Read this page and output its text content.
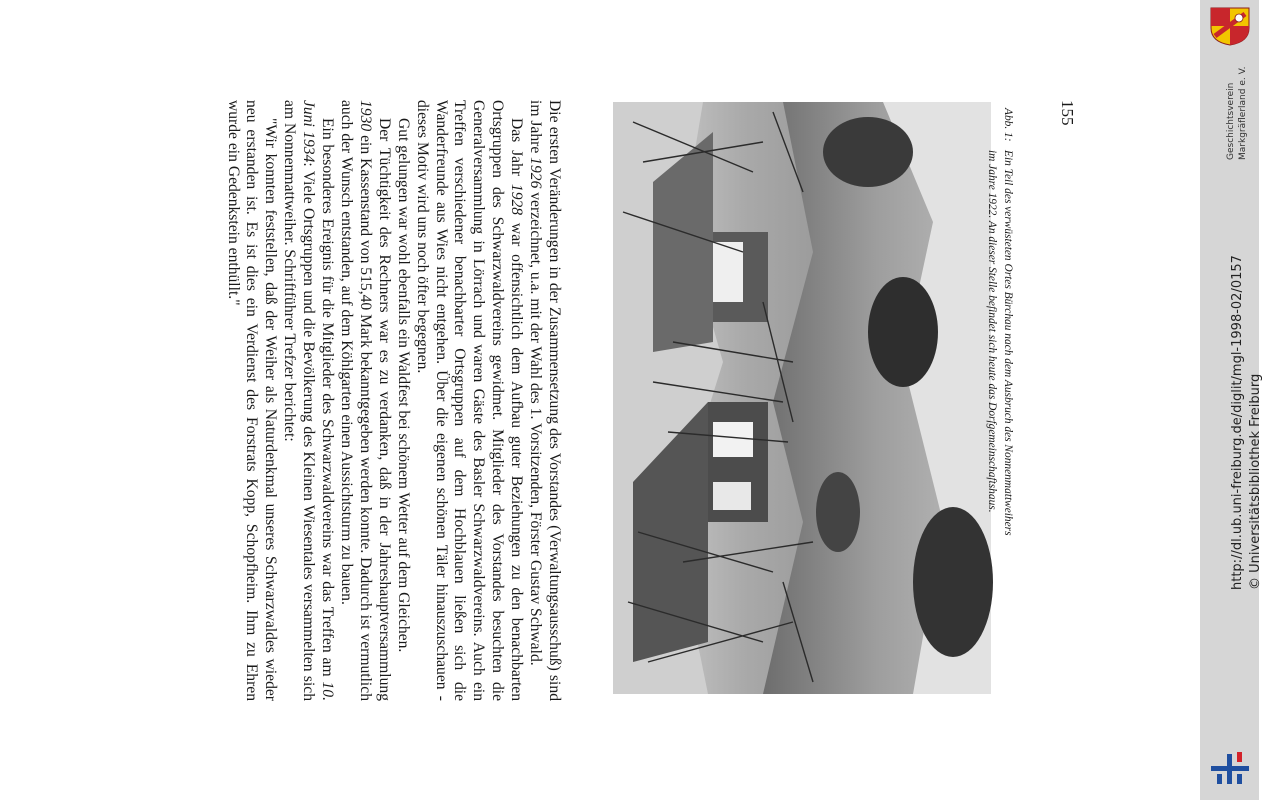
Die ersten Veränderungen in der Zusammensetzung des Vorstandes (Verwaltungsausschuß) sind im Jahre 1926 verzeichnet, u.a. mit der Wahl des 1. Vorsitzenden, Förster Gustav Schwald.

Das Jahr 1928 war offensichtlich dem Aufbau guter Beziehungen zu den benachbarten Ortsgruppen des Schwarzwaldvereins gewidmet. Mitglieder des Vorstandes besuchten die Generalversammlung in Lörrach und waren Gäste des Basler Schwarzwaldvereins. Auch ein Treffen verschiedener benachbarter Ortsgruppen auf dem Hochblauen ließen sich die Wanderfreunde aus Wies nicht entgehen. Über die eigenen schönen Täler hinauszuschauen - dieses Motiv wird uns noch öfter begegnen.

Gut gelungen war wohl ebenfalls ein Waldfest bei schönem Wetter auf dem Gleichen.

Der Tüchtigkeit des Rechners war es zu verdanken, daß in der Jahreshauptversammlung 1930 ein Kassenstand von 515,40 Mark bekanntgegeben werden konnte. Dadurch ist vermutlich auch der Wunsch entstanden, auf dem Köhlgarten einen Aussichtsturm zu bauen.

Ein besonderes Ereignis für die Mitglieder des Schwarzwaldvereins war das Treffen am 10. Juni 1934: Viele Ortsgruppen und die Bevölkerung des Kleinen Wiesentales versammelten sich am Nonnenmattweiher. Schriftführer Trefzer berichtet:

"Wir konnten feststellen, daß der Weiher als Naturdenkmal unseres Schwarzwaldes wieder neu erstanden ist. Es ist dies ein Verdienst des Forstrats Kopp, Schopfheim. Ihm zu Ehren wurde ein Gedenkstein enthüllt."	Abb. 1:Ein Teil des verwüsteten Ortes Bürchau nach dem Ausbruch des Nonnenmattweihers
im Jahre 1922. An dieser Stelle befindet sich heute das Dorfgemeinschaftshaus.
155	Geschichtsverein Markgräflerland e. V.
http://dl.ub.uni-freiburg.de/diglit/mgl-1998-02/0157 © Universitätsbibliothek Freiburg
